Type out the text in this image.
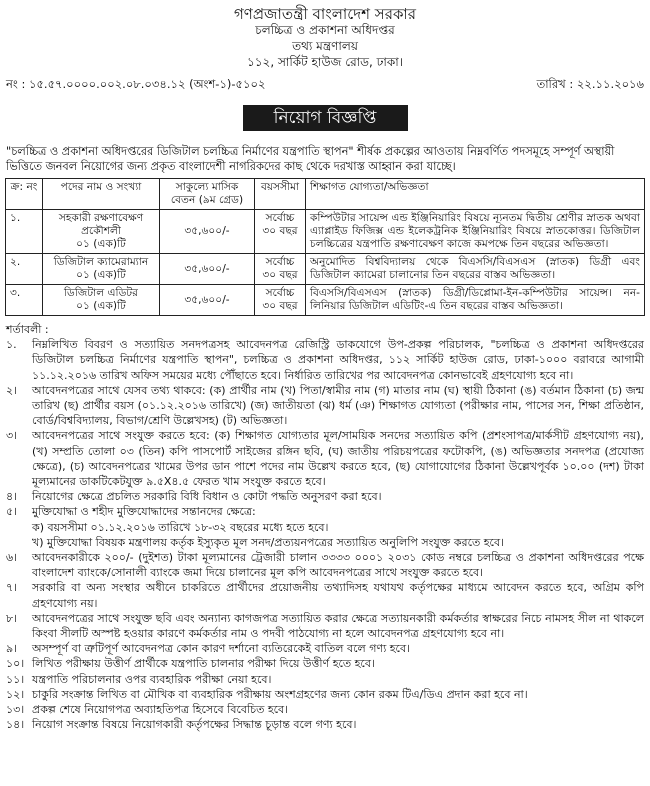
গণপ্রজাতন্ত্রী বাংলাদেশ সরকার
চলচ্চিত্র ও প্রকাশনা অধিদপ্তর
তথ্য মন্ত্রণালয়
১১২, সার্কিট হাউজ রোড, ঢাকা।
নং : ১৫.৫৭.০০০০.০০২.০৮.০৩৪.১২ (অংশ-১)-৫১০২	তারিখ : ২২.১১.২০১৬
নিয়োগ বিজ্ঞপ্তি
"চলচ্চিত্র ও প্রকাশনা অধিদপ্তরের ডিজিটাল চলচ্চিত্র নির্মাণের যন্ত্রপাতি স্থাপন" শীর্ষক প্রকল্পের আওতায় নিম্নবর্ণিত পদসমূহে সম্পূর্ণ অস্থায়ী ভিত্তিতে জনবল নিয়োগের জন্য প্রকৃত বাংলাদেশী নাগরিকদের কাছ থেকে দরখাস্ত আহ্বান করা যাচ্ছে।
ক্র: নং	পদের নাম ও সংখ্যা	সাকুল্যে মাসিক বেতন (৯ম গ্রেড)	বয়সসীমা	শিক্ষাগত যোগ্যতা/অভিজ্ঞতা
১.	সহকারী রক্ষণাবেক্ষণ প্রকৌশলী
০১ (এক)টি	৩৫,৬০০/-	সর্বোচ্চ ৩০ বছর	কম্পিউটার সায়েন্স এন্ড ইঞ্জিনিয়ারিং বিষয়ে ন্যূনতম দ্বিতীয় শ্রেণীর স্নাতক অথবা এ্যাপ্লাইড ফিজিক্স এন্ড ইলেকট্রনিক ইঞ্জিনিয়ারিং বিষয়ে স্নাতকোত্তর। ডিজিটাল চলচ্চিত্রের যন্ত্রপাতি রক্ষণাবেক্ষণ কাজে কমপক্ষে তিন বছরের অভিজ্ঞতা।
২.	ডিজিটাল ক্যামেরাম্যান
০১ (এক)টি	৩৫,৬০০/-	সর্বোচ্চ ৩০ বছর	অনুমোদিত বিশ্ববিদ্যালয় থেকে বিএসসি/বিএসএস (স্নাতক) ডিগ্রী এবং ডিজিটাল ক্যামেরা চালানোর তিন বছরের বাস্তব অভিজ্ঞতা।
৩.	ডিজিটাল এডিটর
০১ (এক)টি	৩৫,৬০০/-	সর্বোচ্চ ৩০ বছর	বিএসসি/বিএসএস (স্নাতক) ডিগ্রী/ডিপ্লোমা-ইন-কম্পিউটার সায়েন্স। নন-লিনিয়ার ডিজিটাল এডিটিং-এ তিন বছরের বাস্তব অভিজ্ঞতা।
শর্তাবলী :
১.	নিম্নলিখিত বিবরণ ও সত্যায়িত সনদপত্রসহ আবেদনপত্র রেজিস্ট্রি ডাকযোগে উপ-প্রকল্প পরিচালক, "চলচ্চিত্র ও প্রকাশনা অধিদপ্তরের ডিজিটাল চলচ্চিত্র নির্মাণের যন্ত্রপাতি স্থাপন", চলচ্চিত্র ও প্রকাশনা অধিদপ্তর, ১১২ সার্কিট হাউজ রোড, ঢাকা-১০০০ বরাবরে আগামী ১১.১২.২০১৬ তারিখ অফিস সময়ের মধ্যে পৌঁছাতে হবে। নির্ধারিত তারিখের পর আবেদনপত্র কোনভাবেই গ্রহণযোগ্য হবে না।
২।	আবেদনপত্রের সাথে যেসব তথ্য থাকবে: (ক) প্রার্থীর নাম (খ) পিতা/স্বামীর নাম (গ) মাতার নাম (ঘ) স্থায়ী ঠিকানা (ঙ) বর্তমান ঠিকানা (চ) জন্ম তারিখ (ছ) প্রার্থীর বয়স (০১.১২.২০১৬ তারিখে) (জ) জাতীয়তা (ঝ) ধর্ম (ঞ) শিক্ষাগত যোগ্যতা (পরীক্ষার নাম, পাসের সন, শিক্ষা প্রতিষ্ঠান, বোর্ড/বিশ্ববিদ্যালয়, বিভাগ/শ্রেণি উল্লেখসহ) (ট) অভিজ্ঞতা।
৩।	আবেদনপত্রের সাথে সংযুক্ত করতে হবে: (ক) শিক্ষাগত যোগ্যতার মূল/সাময়িক সনদের সত্যায়িত কপি (প্রশংসাপত্র/মার্কসীট গ্রহণযোগ্য নয়), (খ) সম্প্রতি তোলা ০৩ (তিন) কপি পাসপোর্ট সাইজের রঙ্গিন ছবি, (ঘ) জাতীয় পরিচয়পত্রের ফটোকপি, (ঙ) অভিজ্ঞতার সনদপত্র (প্রযোজ্য ক্ষেত্রে), (চ) আবেদনপত্রের খামের উপর ডান পাশে পদের নাম উল্লেখ করতে হবে, (ছ) যোগাযোগের ঠিকানা উল্লেখপূর্বক ১০.০০ (দশ) টাকা মূল্যমানের ডাকটিকেটযুক্ত ৯.৫X৪.৫ ফেরত খাম সংযুক্ত করতে হবে।
৪।	নিয়োগের ক্ষেত্রে প্রচলিত সরকারি বিধি বিধান ও কোটা পদ্ধতি অনুসরণ করা হবে।
৫।	মুক্তিযোদ্ধা ও শহীদ মুক্তিযোদ্ধাদের সন্তানদের ক্ষেত্রে:
ক) বয়সসীমা ০১.১২.২০১৬ তারিখে ১৮-৩২ বছরের মধ্যে হতে হবে।
খ) মুক্তিযোদ্ধা বিষয়ক মন্ত্রণালয় কর্তৃক ইস্যুকৃত মূল সনদ/প্রত্যয়নপত্রের সত্যায়িত অনুলিপি সংযুক্ত করতে হবে।
৬।	আবেদনকারীকে ২০০/- (দুইশত) টাকা মূল্যমানের ট্রেজারী চালান ৩৩৩৩ ০০০১ ২০৩১ কোড নম্বরে চলচ্চিত্র ও প্রকাশনা অধিদপ্তরের পক্ষে বাংলাদেশ ব্যাংকে/সোনালী ব্যাংকে জমা দিয়ে চালানের মূল কপি আবেদনপত্রের সাথে সংযুক্ত করতে হবে।
৭।	সরকারি বা অন্য সংস্থার অধীনে চাকরিতে প্রার্থীদের প্রয়োজনীয় তথ্যাদিসহ যথাযথ কর্তৃপক্ষের মাধ্যমে আবেদন করতে হবে, অগ্রিম কপি গ্রহণযোগ্য নয়।
৮।	আবেদনপত্রের সাথে সংযুক্ত ছবি এবং অন্যান্য কাগজপত্র সত্যায়িত করার ক্ষেত্রে সত্যায়নকারী কর্মকর্তার স্বাক্ষরের নিচে নামসহ সীল না থাকলে কিংবা সীলটি অস্পষ্ট হওয়ার কারণে কর্মকর্তার নাম ও পদবী পাঠযোগ্য না হলে আবেদনপত্র গ্রহণযোগ্য হবে না।
৯।	অসম্পূর্ণ বা ত্রুটিপূর্ণ আবেদনপত্র কোন কারণ দর্শানো ব্যতিরেকেই বাতিল বলে গণ্য হবে।
১০। লিখিত পরীক্ষায় উত্তীর্ণ প্রার্থীকে যন্ত্রপাতি চালনার পরীক্ষা দিয়ে উত্তীর্ণ হতে হবে।
১১। যন্ত্রপাতি পরিচালনার ওপর ব্যবহারিক পরীক্ষা নেয়া হবে।
১২। চাকুরি সংক্রান্ত লিখিত বা মৌখিক বা ব্যবহারিক পরীক্ষায় অংশগ্রহণের জন্য কোন রকম টিএ/ডিএ প্রদান করা হবে না।
১৩। প্রকল্প শেষে নিয়োগপত্র অব্যাহতিপত্র হিসেবে বিবেচিত হবে।
১৪। নিয়োগ সংক্রান্ত বিষয়ে নিয়োগকারী কর্তৃপক্ষের সিদ্ধান্ত চূড়ান্ত বলে গণ্য হবে।
